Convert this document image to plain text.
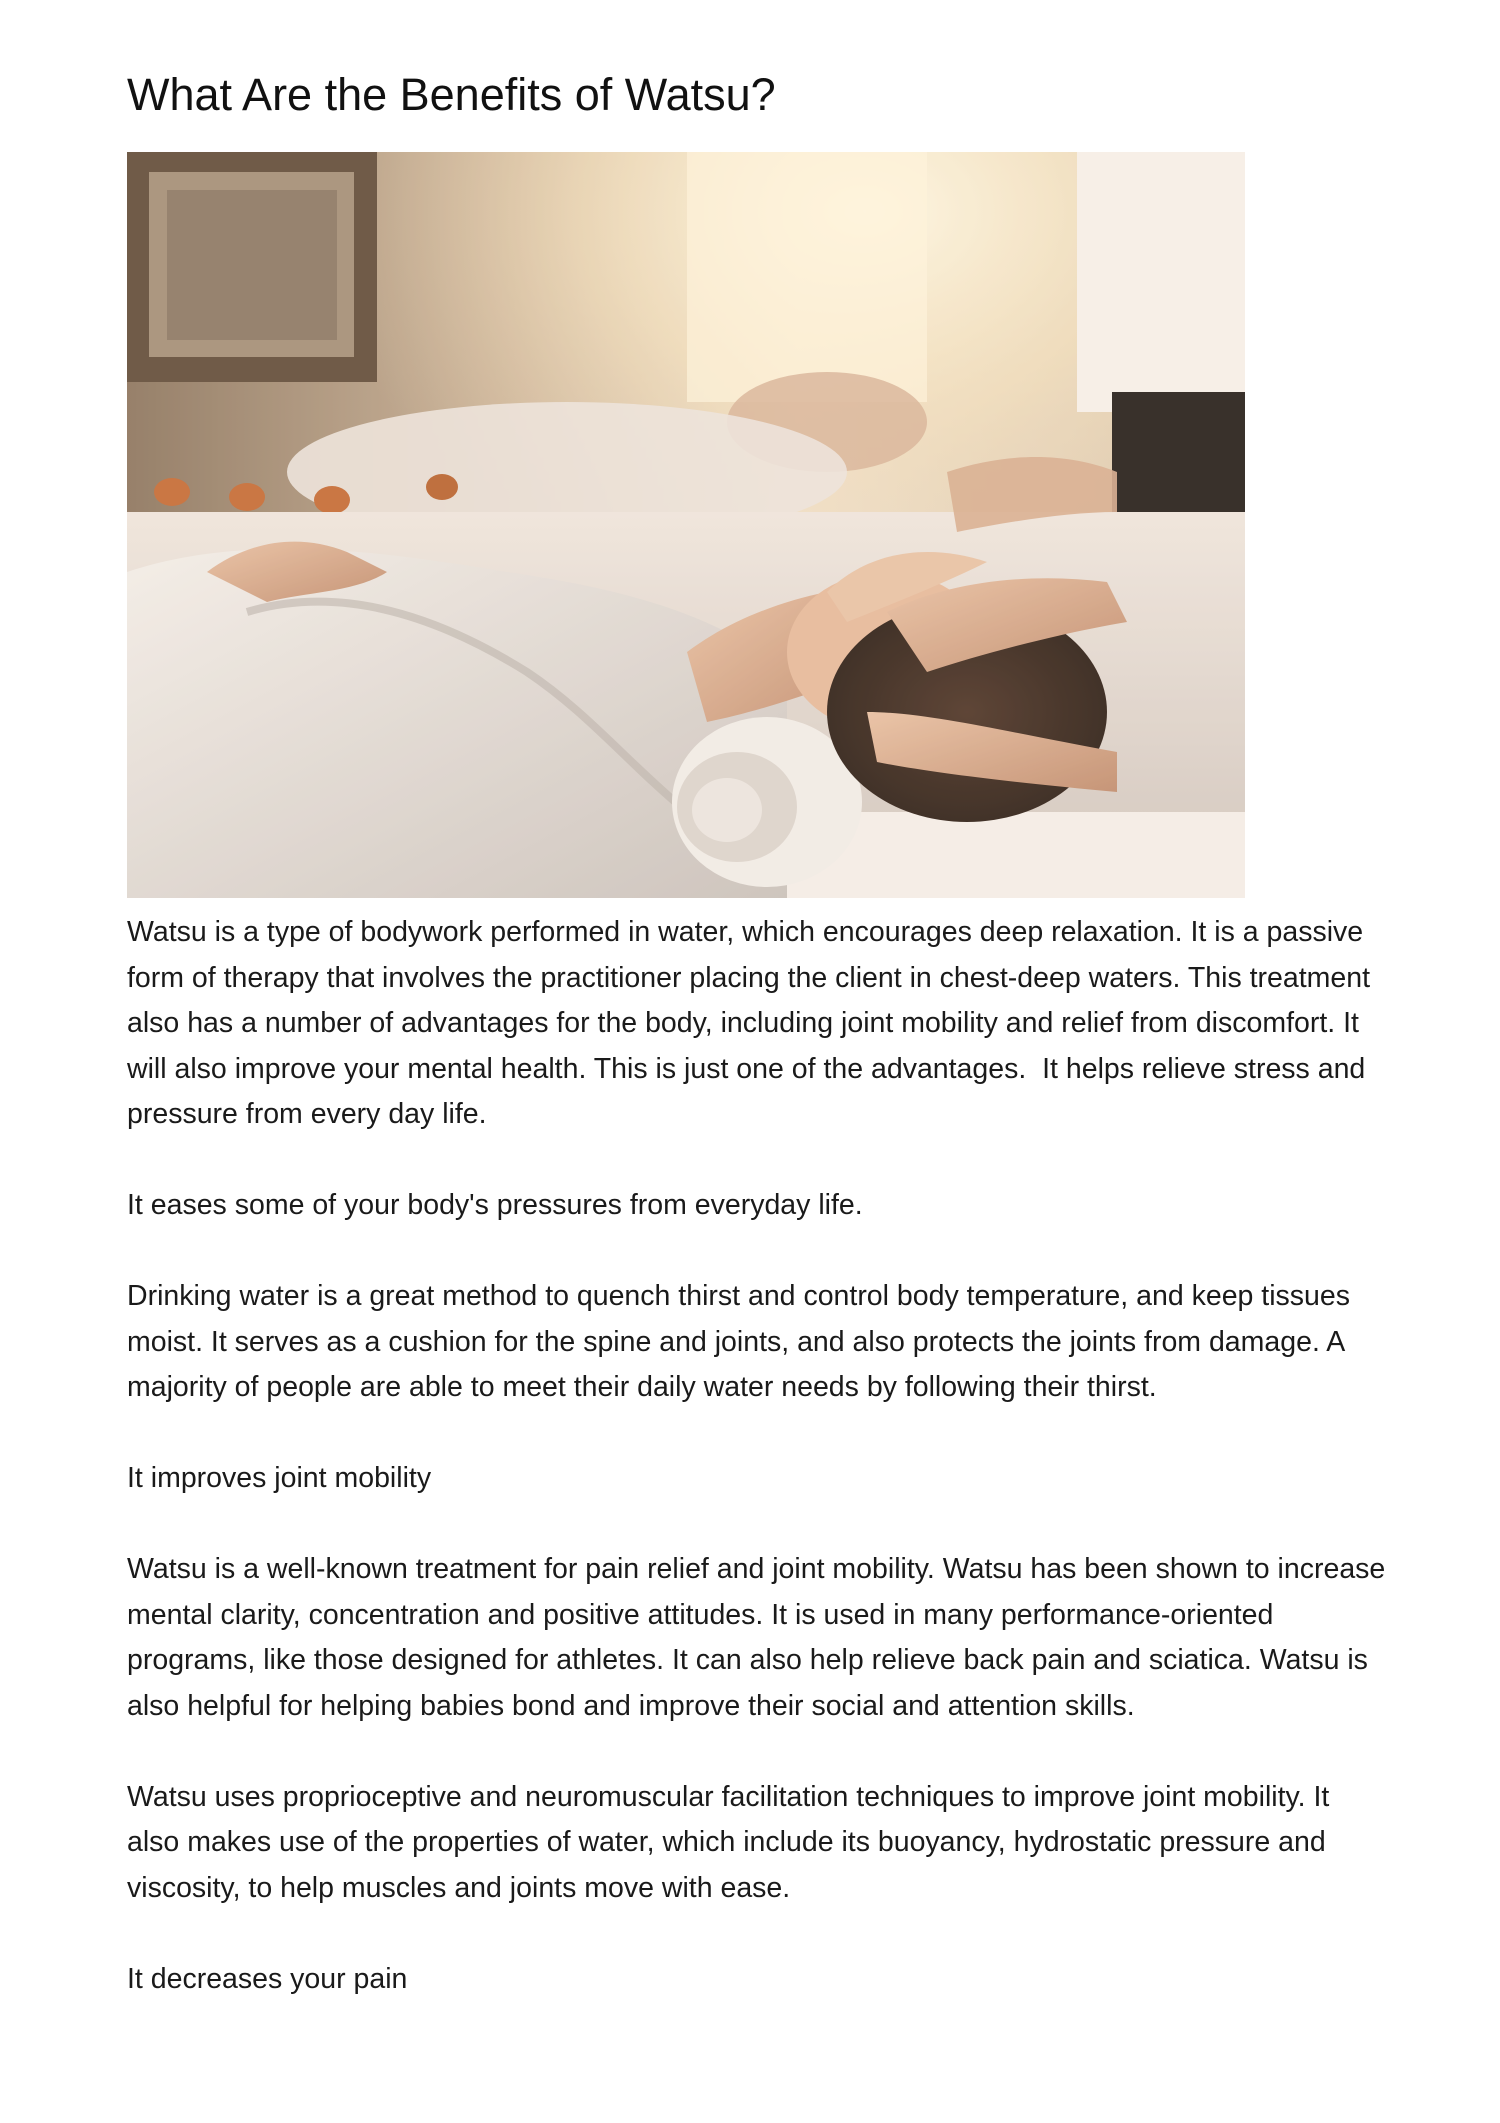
What Are the Benefits of Watsu?

Watsu is a type of bodywork performed in water, which encourages deep relaxation. It is a passive form of therapy that involves the practitioner placing the client in chest-deep waters. This treatment also has a number of advantages for the body, including joint mobility and relief from discomfort. It will also improve your mental health. This is just one of the advantages.  It helps relieve stress and pressure from every day life.

It eases some of your body's pressures from everyday life.

Drinking water is a great method to quench thirst and control body temperature, and keep tissues moist. It serves as a cushion for the spine and joints, and also protects the joints from damage. A majority of people are able to meet their daily water needs by following their thirst.

It improves joint mobility

Watsu is a well-known treatment for pain relief and joint mobility. Watsu has been shown to increase mental clarity, concentration and positive attitudes. It is used in many performance-oriented programs, like those designed for athletes. It can also help relieve back pain and sciatica. Watsu is also helpful for helping babies bond and improve their social and attention skills.

Watsu uses proprioceptive and neuromuscular facilitation techniques to improve joint mobility. It also makes use of the properties of water, which include its buoyancy, hydrostatic pressure and viscosity, to help muscles and joints move with ease.

It decreases your pain
